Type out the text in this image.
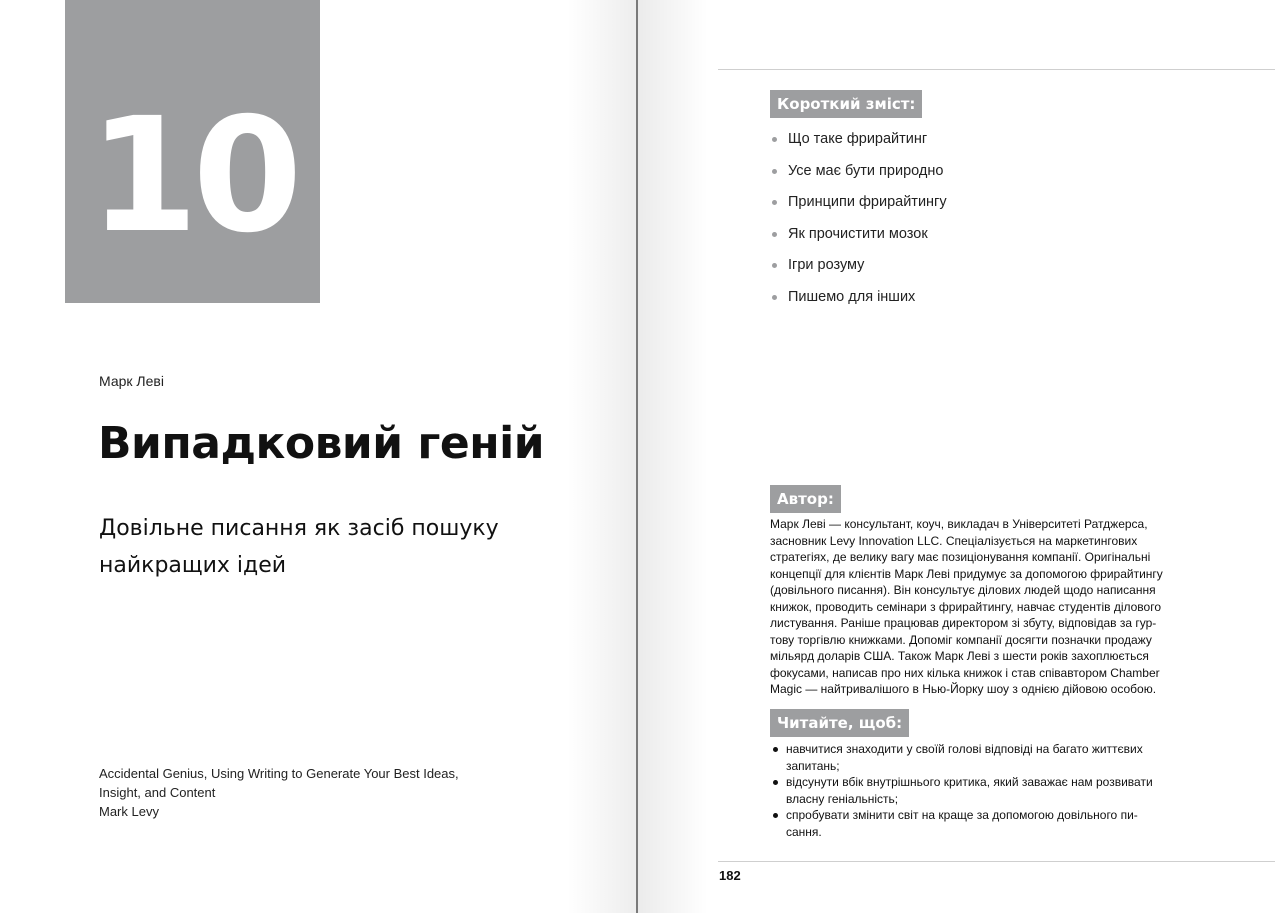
10
Марк Леві
Випадковий геній
Довільне писання як засіб пошуку
найкращих ідей
Accidental Genius, Using Writing to Generate Your Best Ideas,
Insight, and Content
Mark Levy
Короткий зміст:
Що таке фрирайтинг
Усе має бути природно
Принципи фрирайтингу
Як прочистити мозок
Ігри розуму
Пишемо для інших
Автор:
Марк Леві — консультант, коуч, викладач в Університеті Ратджерса,
засновник Levy Innovation LLC. Спеціалізується на маркетингових
стратегіях, де велику вагу має позиціонування компанії. Оригінальні
концепції для клієнтів Марк Леві придумує за допомогою фрирайтингу
(довільного писання). Він консультує ділових людей щодо написання
книжок, проводить семінари з фрирайтингу, навчає студентів ділового
листування. Раніше працював директором зі збуту, відповідав за гур-
тову торгівлю книжками. Допоміг компанії досягти позначки продажу
мільярд доларів США. Також Марк Леві з шести років захоплюється
фокусами, написав про них кілька книжок і став співавтором Chamber
Magic — найтривалішого в Нью-Йорку шоу з однією дійовою особою.
Читайте, щоб:
навчитися знаходити у своїй голові відповіді на багато життєвих
запитань;
відсунути вбік внутрішнього критика, який заважає нам розвивати
власну геніальність;
спробувати змінити світ на краще за допомогою довільного пи-
сання.
182
